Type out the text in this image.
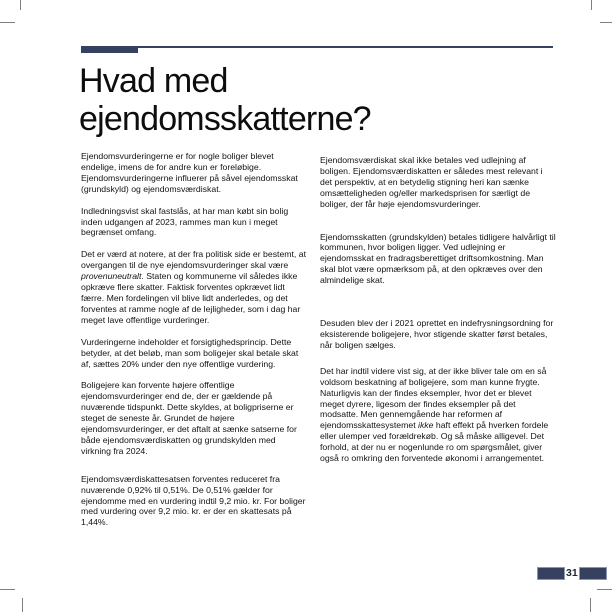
Hvad med
ejendomsskatterne?

Ejendomsvurderingerne er for nogle boliger blevet endelige, imens de for andre kun er foreløbige. Ejendomsvurderingerne influerer på såvel ejendomsskat (grundskyld) og ejendomsværdiskat.

Indledningsvist skal fastslås, at har man købt sin bolig inden udgangen af 2023, rammes man kun i meget begrænset omfang.

Det er værd at notere, at der fra politisk side er bestemt, at overgangen til de nye ejendomsvurderinger skal være provenuneutralt. Staten og kommunerne vil således ikke opkræve flere skatter. Faktisk forventes opkrævet lidt færre. Men fordelingen vil blive lidt anderledes, og det forventes at ramme nogle af de lejligheder, som i dag har meget lave offentlige vurderinger.

Vurderingerne indeholder et forsigtighedsprincip. Dette betyder, at det beløb, man som boligejer skal betale skat af, sættes 20% under den nye offentlige vurdering.

Boligejere kan forvente højere offentlige ejendomsvurderinger end de, der er gældende på nuværende tidspunkt. Dette skyldes, at boligpriserne er steget de seneste år. Grundet de højere ejendomsvurderinger, er det aftalt at sænke satserne for både ejendomsværdiskatten og grundskylden med virkning fra 2024.

Ejendomsværdiskattesatsen forventes reduceret fra nuværende 0,92% til 0,51%. De 0,51% gælder for ejendomme med en vurdering indtil 9,2 mio. kr. For boliger med vurdering over 9,2 mio. kr. er der en skattesats på 1,44%.

Ejendomsværdiskat skal ikke betales ved udlejning af boligen. Ejendomsværdiskatten er således mest relevant i det perspektiv, at en betydelig stigning heri kan sænke omsætteligheden og/eller markedsprisen for særligt de boliger, der får høje ejendomsvurderinger.

Ejendomsskatten (grundskylden) betales tidligere halvårligt til kommunen, hvor boligen ligger. Ved udlejning er ejendomsskat en fradragsberettiget driftsomkostning. Man skal blot være opmærksom på, at den opkræves over den almindelige skat.

Desuden blev der i 2021 oprettet en indefrysningsordning for eksisterende boligejere, hvor stigende skatter først betales, når boligen sælges.

Det har indtil videre vist sig, at der ikke bliver tale om en så voldsom beskatning af boligejere, som man kunne frygte. Naturligvis kan der findes eksempler, hvor det er blevet meget dyrere, ligesom der findes eksempler på det modsatte. Men gennemgående har reformen af ejendomsskattesystemet ikke haft effekt på hverken fordele eller ulemper ved forældrekøb. Og så måske alligevel. Det forhold, at der nu er nogenlunde ro om spørgsmålet, giver også ro omkring den forventede økonomi i arrangementet.

31
